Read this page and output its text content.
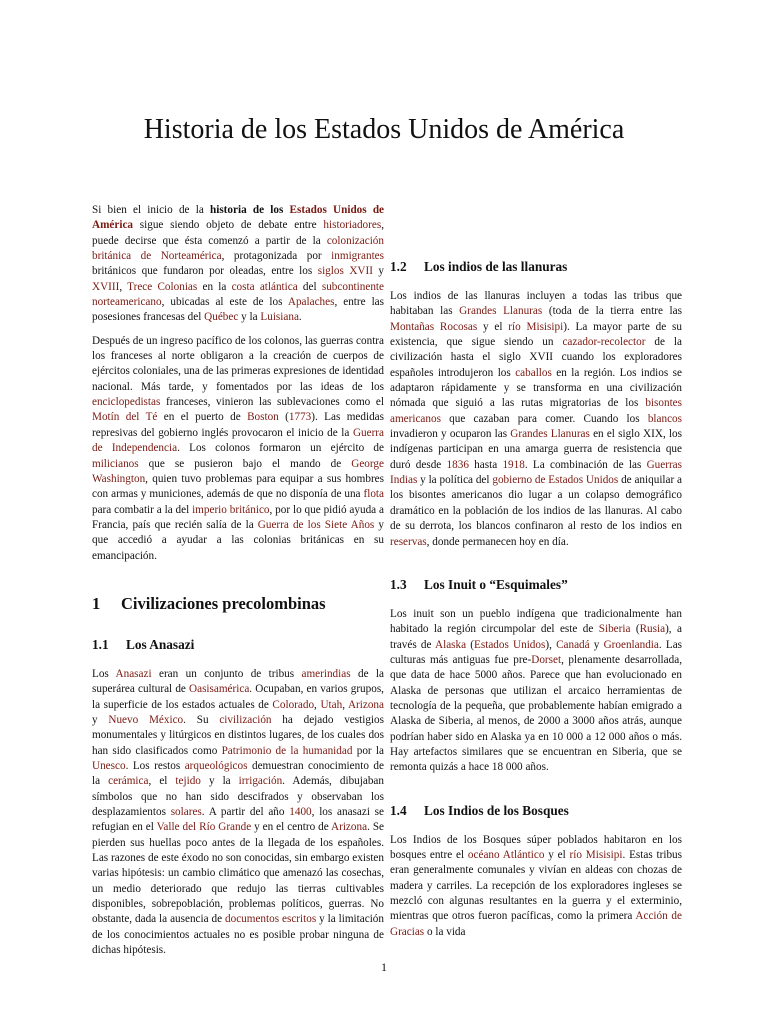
Historia de los Estados Unidos de América

Si bien el inicio de la historia de los Estados Unidos de América sigue siendo objeto de debate entre historiadores, puede decirse que ésta comenzó a partir de la colonización británica de Norteamérica, protagonizada por inmigrantes británicos que fundaron por oleadas, entre los siglos XVII y XVIII, Trece Colonias en la costa atlántica del subcontinente norteamericano, ubicadas al este de los Apalaches, entre las posesiones francesas del Québec y la Luisiana.

Después de un ingreso pacífico de los colonos, las guerras contra los franceses al norte obligaron a la creación de cuerpos de ejércitos coloniales, una de las primeras expresiones de identidad nacional. Más tarde, y fomentados por las ideas de los enciclopedistas franceses, vinieron las sublevaciones como el Motín del Té en el puerto de Boston (1773). Las medidas represivas del gobierno inglés provocaron el inicio de la Guerra de Independencia. Los colonos formaron un ejército de milicianos que se pusieron bajo el mando de George Washington, quien tuvo problemas para equipar a sus hombres con armas y municiones, además de que no disponía de una flota para combatir a la del imperio británico, por lo que pidió ayuda a Francia, país que recién salía de la Guerra de los Siete Años y que accedió a ayudar a las colonias británicas en su emancipación.

1 Civilizaciones precolombinas
1.1 Los Anasazi

Los Anasazi eran un conjunto de tribus amerindias de la superárea cultural de Oasisamérica. Ocupaban, en varios grupos, la superficie de los estados actuales de Colorado, Utah, Arizona y Nuevo México. Su civilización ha dejado vestigios monumentales y litúrgicos en distintos lugares, de los cuales dos han sido clasificados como Patrimonio de la humanidad por la Unesco. Los restos arqueológicos demuestran conocimiento de la cerámica, el tejido y la irrigación. Además, dibujaban símbolos que no han sido descifrados y observaban los desplazamientos solares. A partir del año 1400, los anasazi se refugian en el Valle del Río Grande y en el centro de Arizona. Se pierden sus huellas poco antes de la llegada de los españoles. Las razones de este éxodo no son conocidas, sin embargo existen varias hipótesis: un cambio climático que amenazó las cosechas, un medio deteriorado que redujo las tierras cultivables disponibles, sobrepoblación, problemas políticos, guerras. No obstante, dada la ausencia de documentos escritos y la limitación de los conocimientos actuales no es posible probar ninguna de dichas hipótesis.

1.2 Los indios de las llanuras

Los indios de las llanuras incluyen a todas las tribus que habitaban las Grandes Llanuras (toda de la tierra entre las Montañas Rocosas y el río Misisipi). La mayor parte de su existencia, que sigue siendo un cazador-recolector de la civilización hasta el siglo XVII cuando los exploradores españoles introdujeron los caballos en la región. Los indios se adaptaron rápidamente y se transforma en una civilización nómada que siguió a las rutas migratorias de los bisontes americanos que cazaban para comer. Cuando los blancos invadieron y ocuparon las Grandes Llanuras en el siglo XIX, los indígenas participan en una amarga guerra de resistencia que duró desde 1836 hasta 1918. La combinación de las Guerras Indias y la política del gobierno de Estados Unidos de aniquilar a los bisontes americanos dio lugar a un colapso demográfico dramático en la población de los indios de las llanuras. Al cabo de su derrota, los blancos confinaron al resto de los indios en reservas, donde permanecen hoy en día.

1.3 Los Inuit o “Esquimales”

Los inuit son un pueblo indígena que tradicionalmente han habitado la región circumpolar del este de Siberia (Rusia), a través de Alaska (Estados Unidos), Canadá y Groenlandia. Las culturas más antiguas fue pre-Dorset, plenamente desarrollada, que data de hace 5000 años. Parece que han evolucionado en Alaska de personas que utilizan el arcaico herramientas de tecnología de la pequeña, que probablemente habían emigrado a Alaska de Siberia, al menos, de 2000 a 3000 años atrás, aunque podrían haber sido en Alaska ya en 10 000 a 12 000 años o más. Hay artefactos similares que se encuentran en Siberia, que se remonta quizás a hace 18 000 años.

1.4 Los Indios de los Bosques

Los Indios de los Bosques súper poblados habitaron en los bosques entre el océano Atlántico y el río Misisipi. Estas tribus eran generalmente comunales y vivían en aldeas con chozas de madera y carriles. La recepción de los exploradores ingleses se mezcló con algunas resultantes en la guerra y el exterminio, mientras que otros fueron pacíficas, como la primera Acción de Gracias o la vida

1
